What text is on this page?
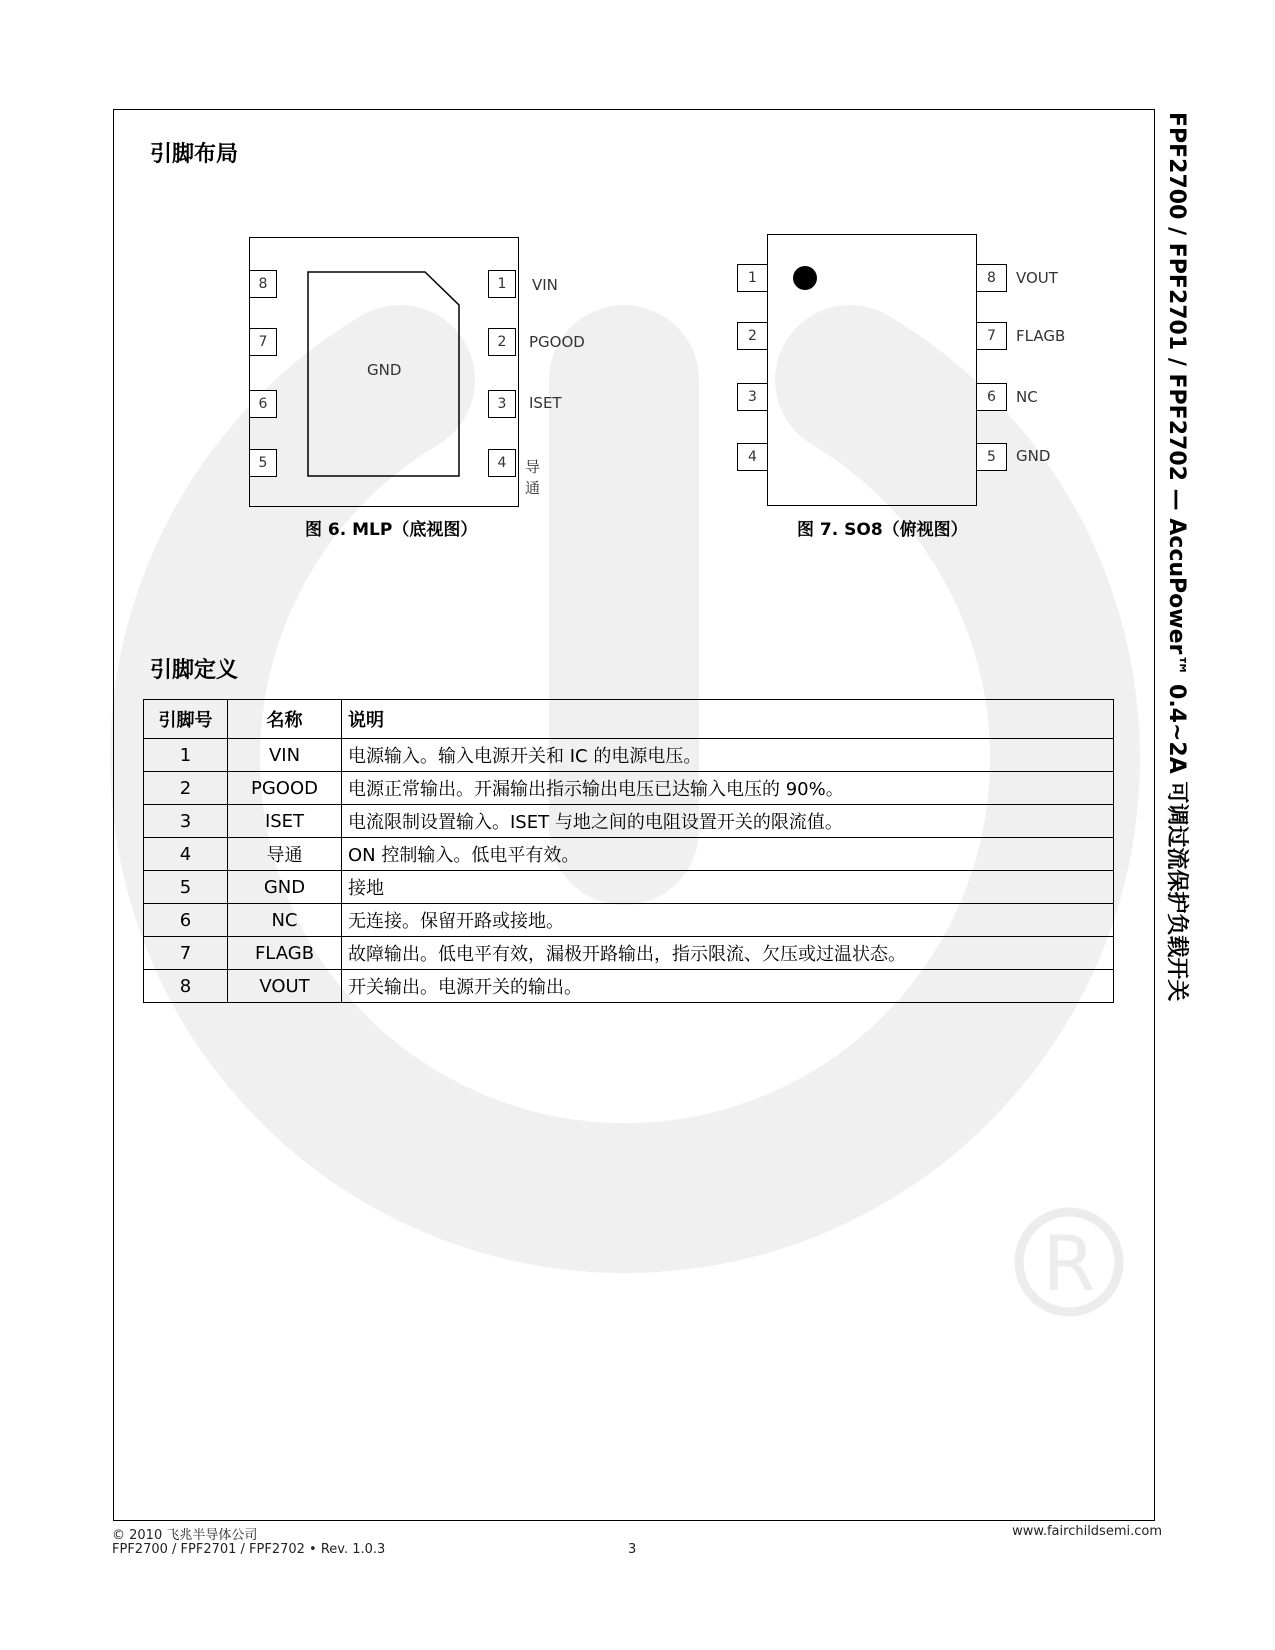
R
FPF2700 / FPF2701 / FPF2702 — AccuPower™ 0.4~2A 可调过流保护负载开关
引脚布局
GND
8
7
6
5
1	VIN
2	PGOOD
3	ISET
4	导通
图 6. MLP（底视图）
1
2
3
4
8	VOUT
7	FLAGB
6	NC
5	GND
图 7. SO8（俯视图）
引脚定义
引脚号	名称	说明
1	VIN	电源输入。输入电源开关和 IC 的电源电压。
2	PGOOD	电源正常输出。开漏输出指示输出电压已达输入电压的 90%。
3	ISET	电流限制设置输入。ISET 与地之间的电阻设置开关的限流值。
4	导通	ON 控制输入。低电平有效。
5	GND	接地
6	NC	无连接。保留开路或接地。
7	FLAGB	故障输出。低电平有效，漏极开路输出，指示限流、欠压或过温状态。
8	VOUT	开关输出。电源开关的输出。
© 2010 飞兆半导体公司
FPF2700 / FPF2701 / FPF2702 • Rev. 1.0.3	3
www.fairchildsemi.com
